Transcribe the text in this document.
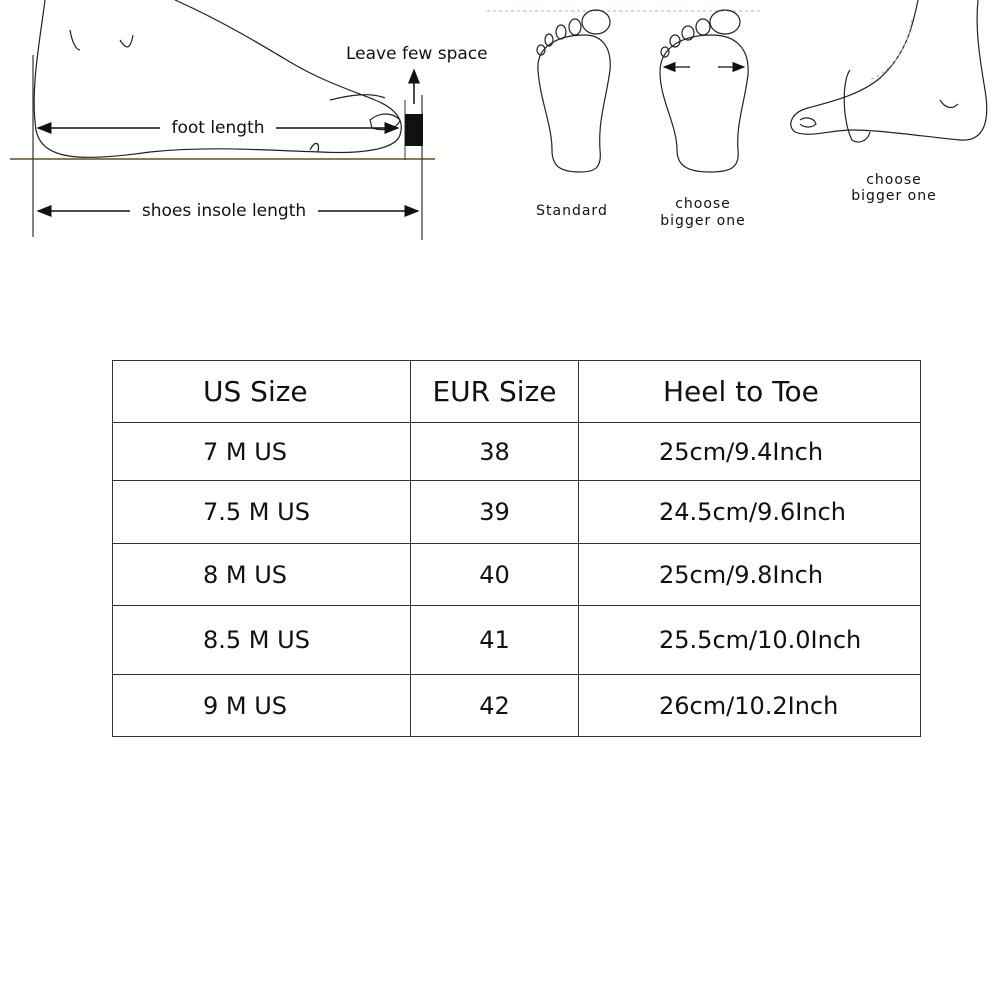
Leave few space
foot length
shoes insole length	Standard	choose
bigger one
choose
bigger one
US Size	EUR Size	Heel to Toe
7 M US	38	25cm/9.4Inch
7.5 M US	39	24.5cm/9.6Inch
8 M US	40	25cm/9.8Inch
8.5 M US	41	25.5cm/10.0Inch
9 M US	42	26cm/10.2Inch
